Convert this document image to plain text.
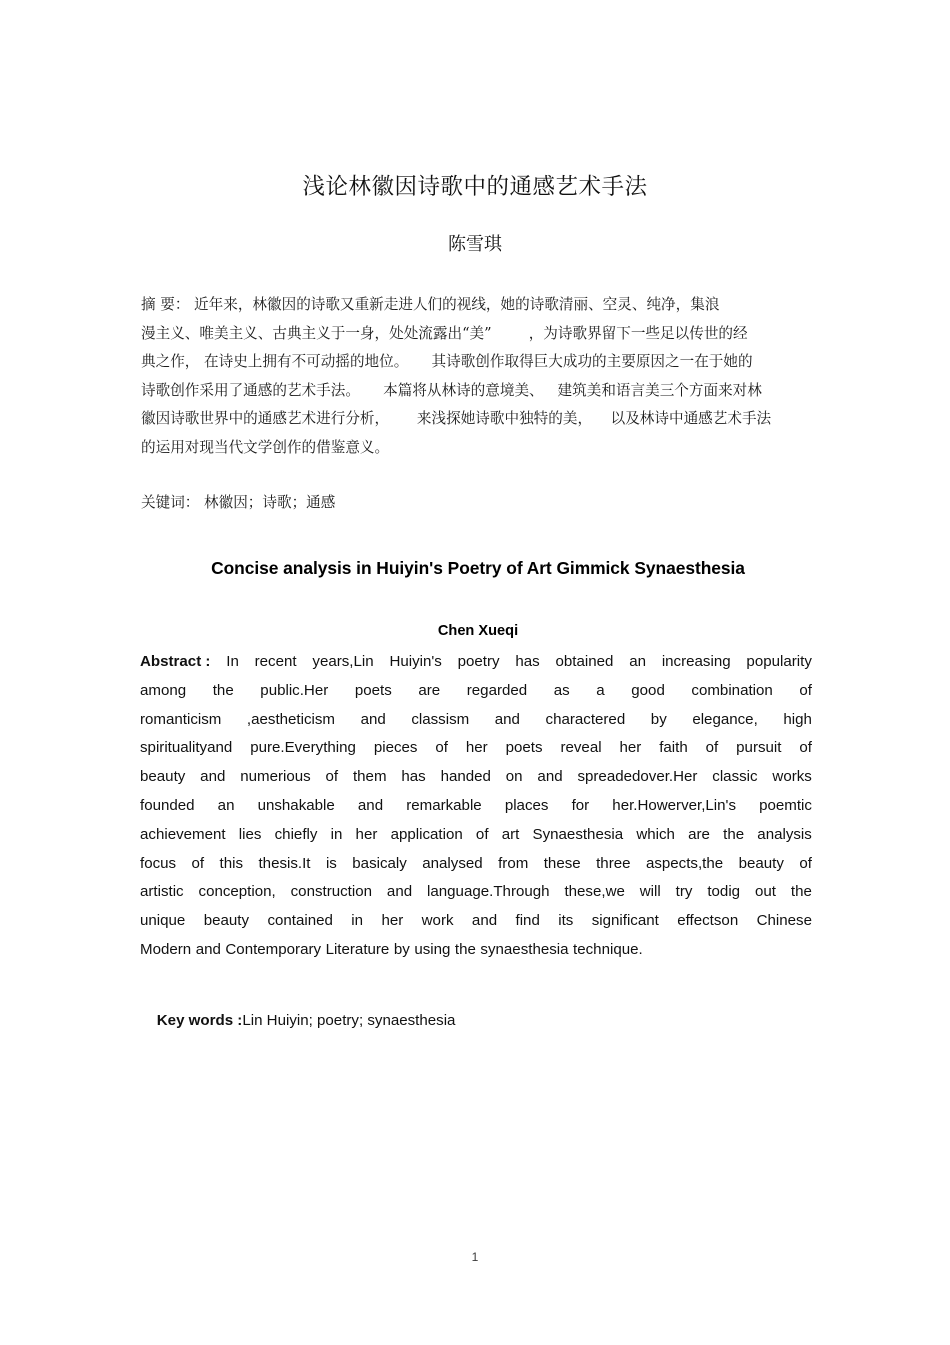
浅论林徽因诗歌中的通感艺术手法
陈雪琪
摘 要： 近年来，林徽因的诗歌又重新走进人们的视线，她的诗歌清丽、空灵、纯净，集浪
漫主义、唯美主义、古典主义于一身，处处流露出“美”        ，为诗歌界留下一些足以传世的经
典之作， 在诗史上拥有不可动摇的地位。     其诗歌创作取得巨大成功的主要原因之一在于她的
诗歌创作采用了通感的艺术手法。     本篇将从林诗的意境美、   建筑美和语言美三个方面来对林
徽因诗歌世界中的通感艺术进行分析，      来浅探她诗歌中独特的美，    以及林诗中通感艺术手法
的运用对现当代文学创作的借鉴意义。
关键词： 林徽因；诗歌；通感
Concise analysis in Huiyin's Poetry of Art Gimmick Synaesthesia
Chen Xueqi
Abstract : In recent years,Lin Huiyin's poetry has obtained an increasing popularity
among the public.Her poets are regarded as a good combination of
romanticism ,aestheticism and classism and charactered by elegance, high
spiritualityand pure.Everything pieces of her poets reveal her faith of pursuit of
beauty and numerious of them has handed on and spreadedover.Her classic works
founded an unshakable and remarkable places for her.Howerver,Lin's poemtic
achievement lies chiefly in her application of art Synaesthesia which are the analysis
focus of this thesis.It is basicaly analysed from these three aspects,the beauty of
artistic conception, construction and language.Through these,we will try todig out the
unique beauty contained in her work and find its significant effectson Chinese
Modern and Contemporary Literature by using the synaesthesia technique.

Key words :Lin Huiyin; poetry; synaesthesia

1
